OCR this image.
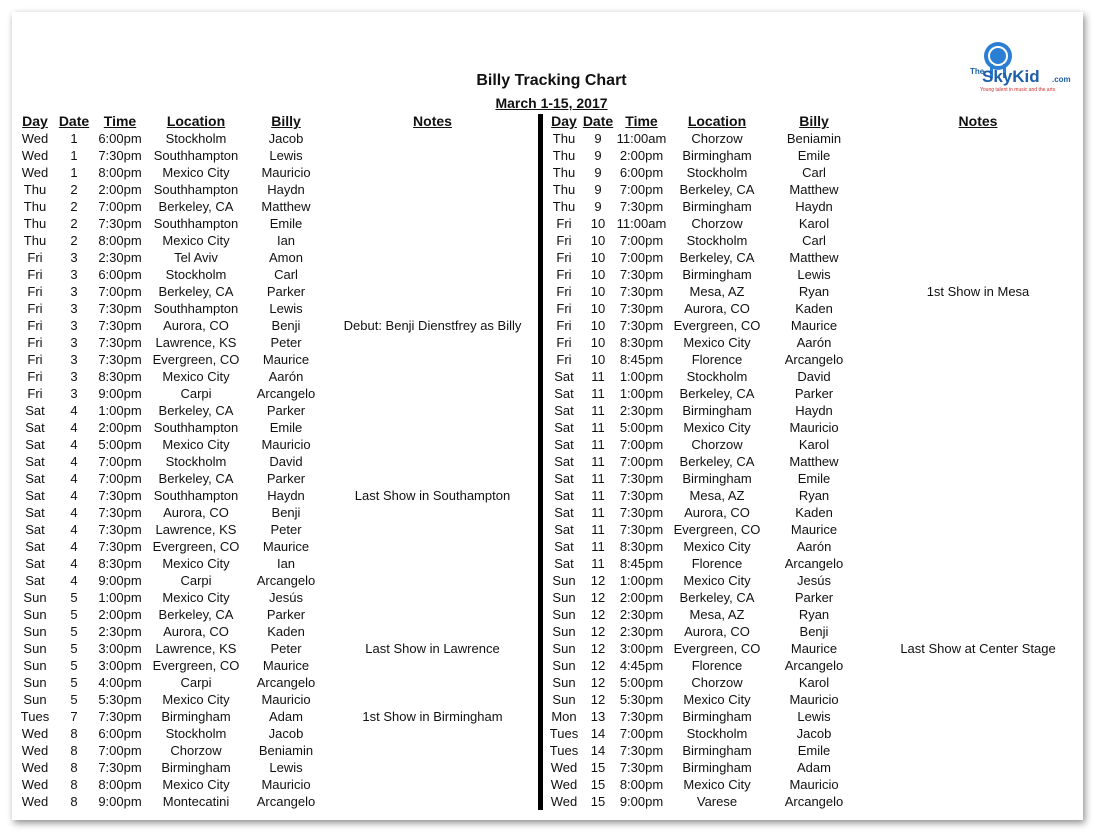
Billy Tracking Chart
March 1-15, 2017
The
SkyKid .com
Young talent in music and the arts
Day Date	Time	Location	Billy	Notes
Wed	1	6:00pm	Stockholm	Jacob
Wed	1	7:30pm Southhampton	Lewis
Wed	1	8:00pm	Mexico City	Mauricio
Thu	2	2:00pm Southhampton	Haydn
Thu	2	7:00pm	Berkeley, CA	Matthew
Thu	2	7:30pm Southhampton	Emile
Thu	2	8:00pm	Mexico City	Ian
Fri	3	2:30pm	Tel Aviv	Amon
Fri	3	6:00pm	Stockholm	Carl
Fri	3	7:00pm	Berkeley, CA	Parker
Fri	3	7:30pm Southhampton	Lewis
Fri	3	7:30pm	Aurora, CO	Benji	Debut: Benji Dienstfrey as Billy
Fri	3	7:30pm	Lawrence, KS	Peter
Fri	3	7:30pm Evergreen, CO	Maurice
Fri	3	8:30pm	Mexico City	Aarón
Fri	3	9:00pm	Carpi	Arcangelo
Sat	4	1:00pm	Berkeley, CA	Parker
Sat	4	2:00pm Southhampton	Emile
Sat	4	5:00pm	Mexico City	Mauricio
Sat	4	7:00pm	Stockholm	David
Sat	4	7:00pm	Berkeley, CA	Parker
Sat	4	7:30pm Southhampton	Haydn	Last Show in Southampton
Sat	4	7:30pm	Aurora, CO	Benji
Sat	4	7:30pm	Lawrence, KS	Peter
Sat	4	7:30pm Evergreen, CO	Maurice
Sat	4	8:30pm	Mexico City	Ian
Sat	4	9:00pm	Carpi	Arcangelo
Sun	5	1:00pm	Mexico City	Jesús
Sun	5	2:00pm	Berkeley, CA	Parker
Sun	5	2:30pm	Aurora, CO	Kaden
Sun	5	3:00pm	Lawrence, KS	Peter	Last Show in Lawrence
Sun	5	3:00pm Evergreen, CO	Maurice
Sun	5	4:00pm	Carpi	Arcangelo
Sun	5	5:30pm	Mexico City	Mauricio
Tues	7	7:30pm	Birmingham	Adam	1st Show in Birmingham
Wed	8	6:00pm	Stockholm	Jacob
Wed	8	7:00pm	Chorzow	Beniamin
Wed	8	7:30pm	Birmingham	Lewis
Wed	8	8:00pm	Mexico City	Mauricio
Wed	8	9:00pm	Montecatini	Arcangelo
Day Date Time	Location	Billy	Notes
Thu	9	11:00am	Chorzow	Beniamin
Thu	9	2:00pm	Birmingham	Emile
Thu	9	6:00pm	Stockholm	Carl
Thu	9	7:00pm	Berkeley, CA	Matthew
Thu	9	7:30pm	Birmingham	Haydn
Fri	10 11:00am	Chorzow	Karol
Fri	10	7:00pm	Stockholm	Carl
Fri	10	7:00pm	Berkeley, CA	Matthew
Fri	10	7:30pm	Birmingham	Lewis
Fri	10	7:30pm	Mesa, AZ	Ryan	1st Show in Mesa
Fri	10	7:30pm	Aurora, CO	Kaden
Fri	10	7:30pm Evergreen, CO	Maurice
Fri	10	8:30pm	Mexico City	Aarón
Fri	10	8:45pm	Florence	Arcangelo
Sat	11	1:00pm	Stockholm	David
Sat	11	1:00pm	Berkeley, CA	Parker
Sat	11	2:30pm	Birmingham	Haydn
Sat	11	5:00pm	Mexico City	Mauricio
Sat	11	7:00pm	Chorzow	Karol
Sat	11	7:00pm	Berkeley, CA	Matthew
Sat	11	7:30pm	Birmingham	Emile
Sat	11	7:30pm	Mesa, AZ	Ryan
Sat	11	7:30pm	Aurora, CO	Kaden
Sat	11	7:30pm Evergreen, CO	Maurice
Sat	11	8:30pm	Mexico City	Aarón
Sat	11	8:45pm	Florence	Arcangelo
Sun	12	1:00pm	Mexico City	Jesús
Sun	12	2:00pm	Berkeley, CA	Parker
Sun	12	2:30pm	Mesa, AZ	Ryan
Sun	12	2:30pm	Aurora, CO	Benji
Sun	12	3:00pm Evergreen, CO	Maurice	Last Show at Center Stage
Sun	12	4:45pm	Florence	Arcangelo
Sun	12	5:00pm	Chorzow	Karol
Sun	12	5:30pm	Mexico City	Mauricio
Mon	13	7:30pm	Birmingham	Lewis
Tues 14	7:00pm	Stockholm	Jacob
Tues 14	7:30pm	Birmingham	Emile
Wed	15	7:30pm	Birmingham	Adam
Wed	15	8:00pm	Mexico City	Mauricio
Wed	15	9:00pm	Varese	Arcangelo
